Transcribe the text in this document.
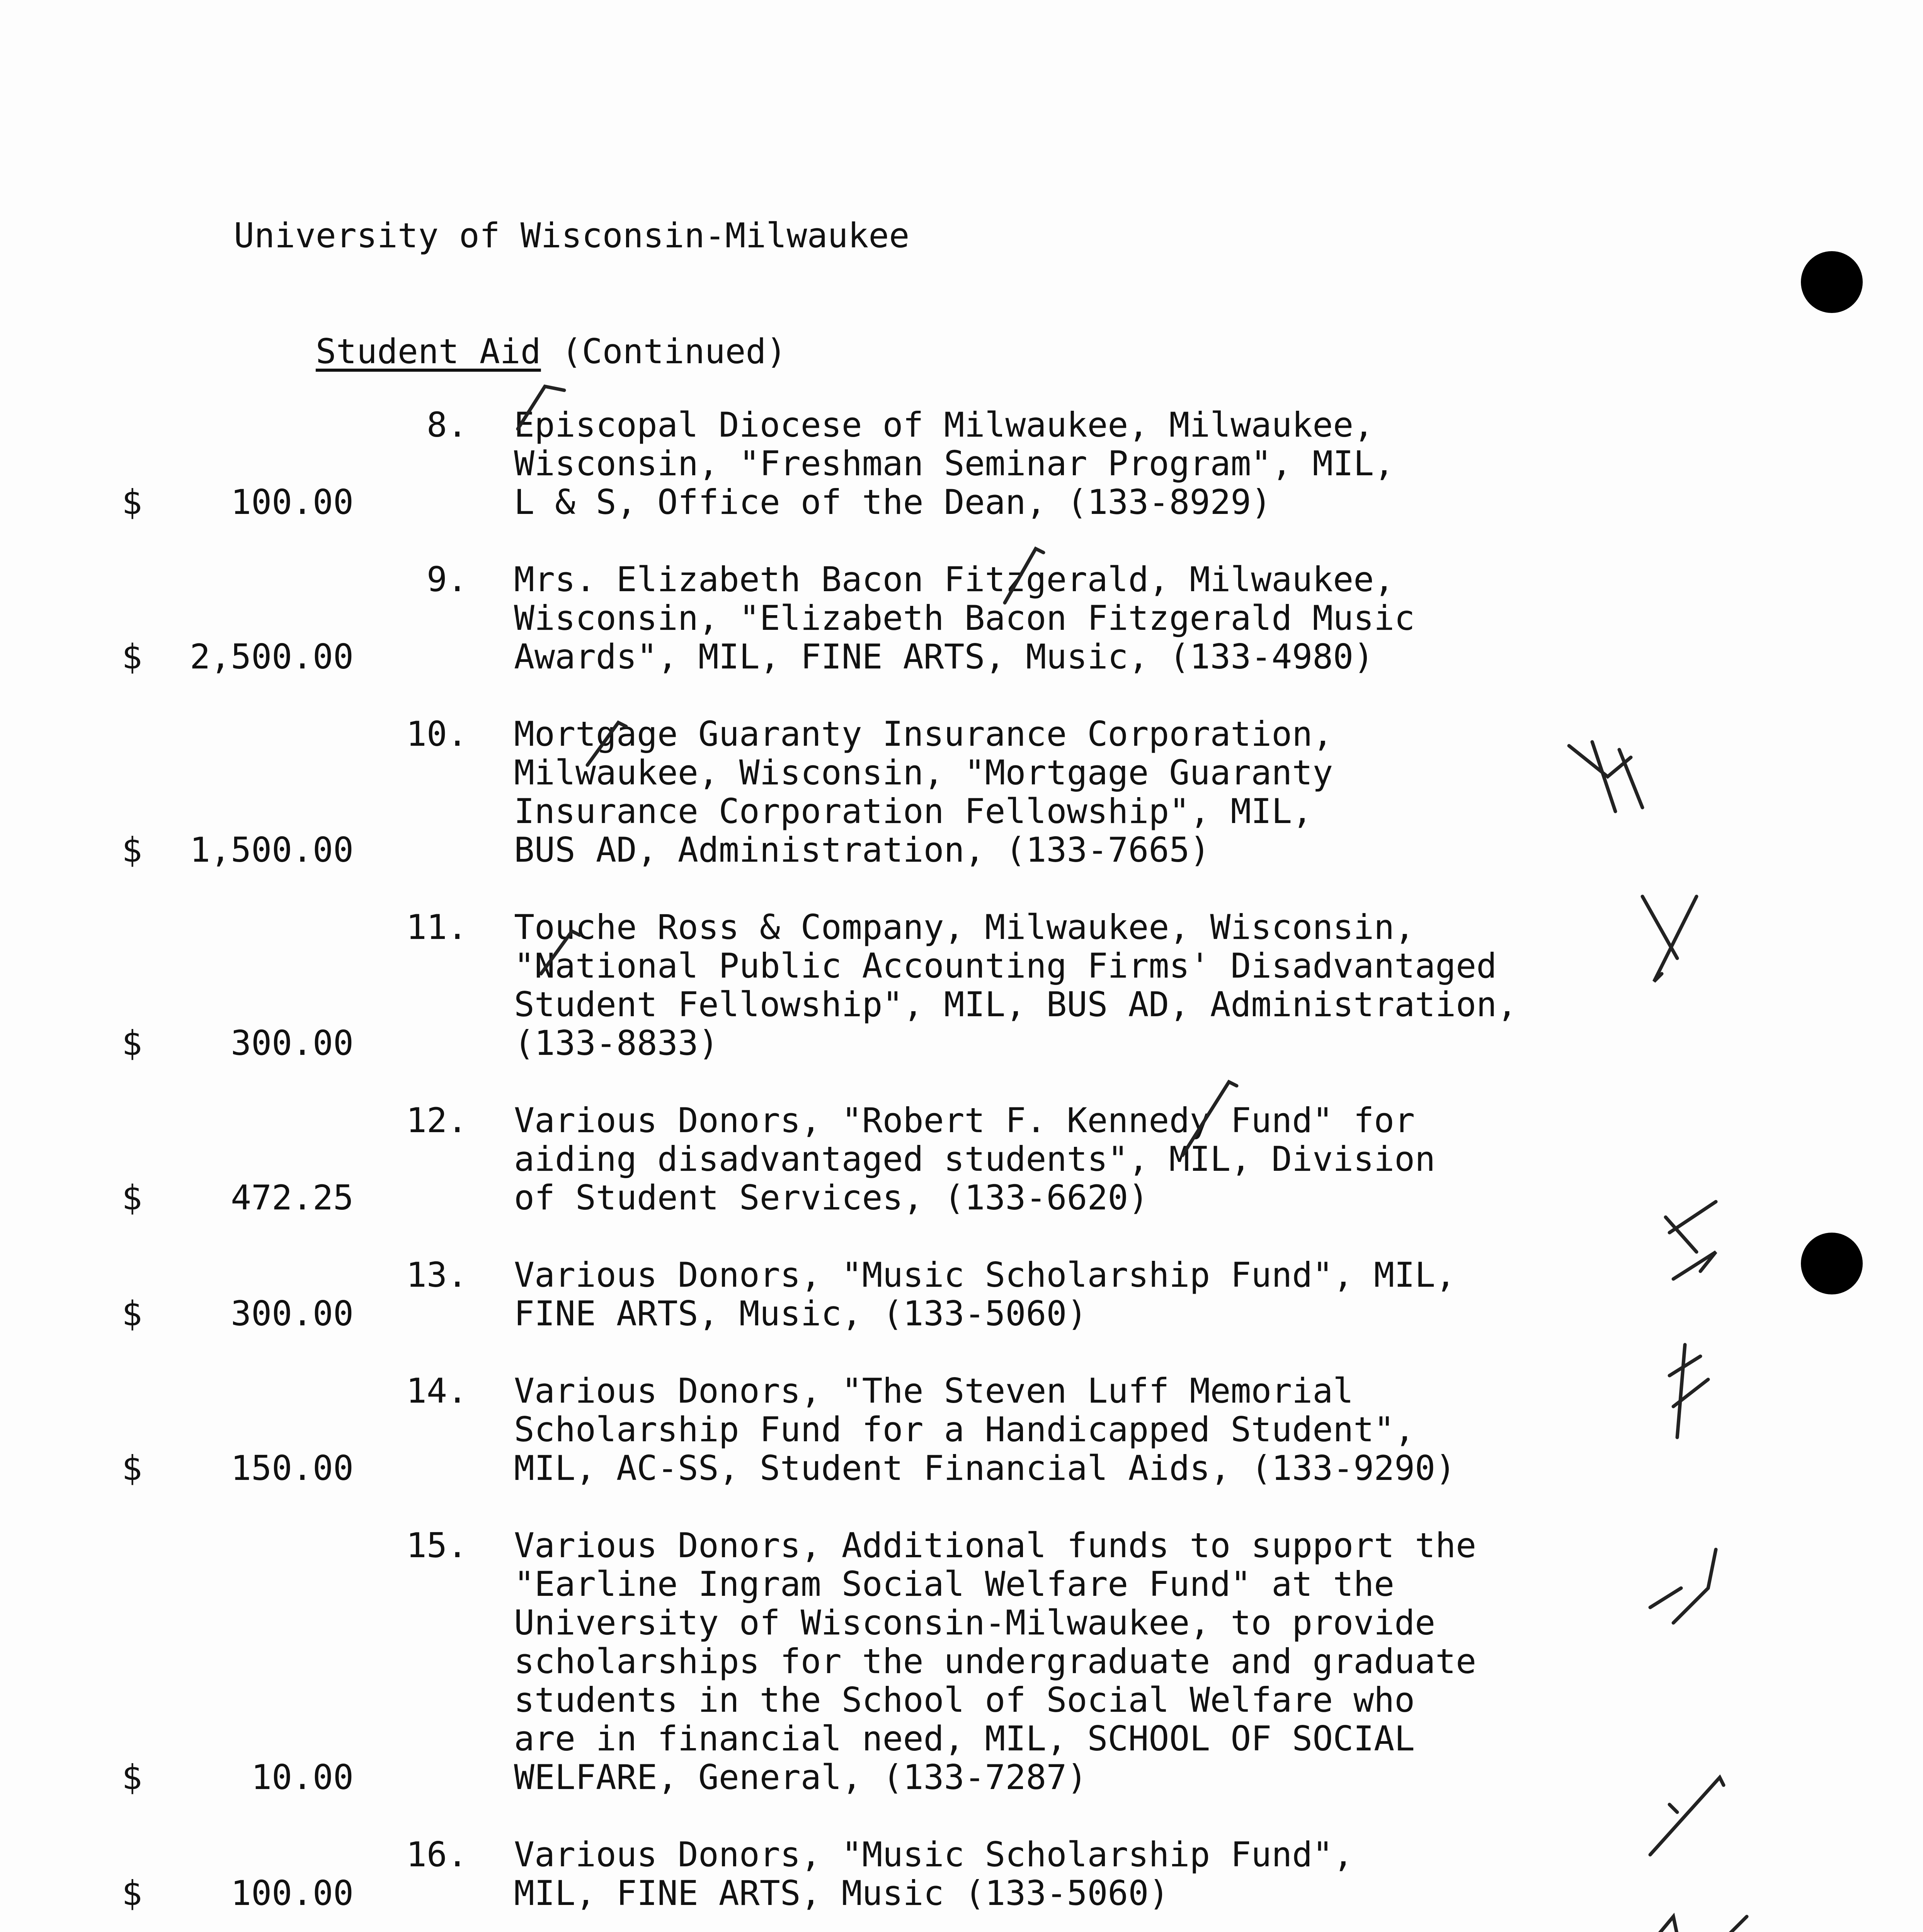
University of Wisconsin-Milwaukee

Student Aid (Continued)

8. Episcopal Diocese of Milwaukee, Milwaukee,
Wisconsin, "Freshman Seminar Program", MIL,
L & S, Office of the Dean, (133-8929)
$	100.00
9. Mrs. Elizabeth Bacon Fitzgerald, Milwaukee,
Wisconsin, "Elizabeth Bacon Fitzgerald Music
Awards", MIL, FINE ARTS, Music, (133-4980)
$ 2,500.00
10. Mortgage Guaranty Insurance Corporation,
Milwaukee, Wisconsin, "Mortgage Guaranty
Insurance Corporation Fellowship", MIL,
BUS AD, Administration, (133-7665)
$ 1,500.00
11. Touche Ross & Company, Milwaukee, Wisconsin,
"National Public Accounting Firms' Disadvantaged
Student Fellowship", MIL, BUS AD, Administration,
(133-8833)
$	300.00
12. Various Donors, "Robert F. Kennedy Fund" for
aiding disadvantaged students", MIL, Division
of Student Services, (133-6620)
$	472.25
13. Various Donors, "Music Scholarship Fund", MIL,
FINE ARTS, Music, (133-5060)
$	300.00
14. Various Donors, "The Steven Luff Memorial
Scholarship Fund for a Handicapped Student",
MIL, AC-SS, Student Financial Aids, (133-9290)
$	150.00
15. Various Donors, Additional funds to support the
"Earline Ingram Social Welfare Fund" at the
University of Wisconsin-Milwaukee, to provide
scholarships for the undergraduate and graduate
students in the School of Social Welfare who
are in financial need, MIL, SCHOOL OF SOCIAL
WELFARE, General, (133-7287)
$	10.00
16. Various Donors, "Music Scholarship Fund",
MIL, FINE ARTS, Music (133-5060)
$	100.00
